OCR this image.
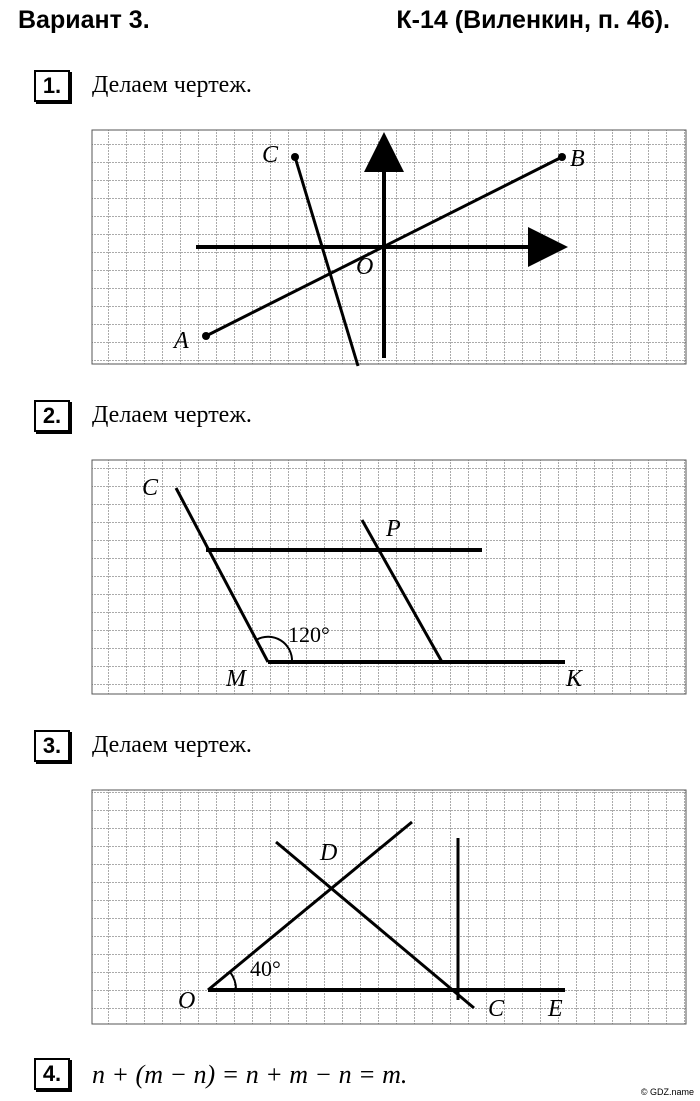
Вариант 3.	К-14 (Виленкин, п. 46).
1.	Делаем чертеж.
2.	Делаем чертеж.
3.	Делаем чертеж.
4.	n + (m − n) = n + m − n = m.
C	B
O
A
C
P
M	K
120°
D
O	C E
40°
© GDZ.name
